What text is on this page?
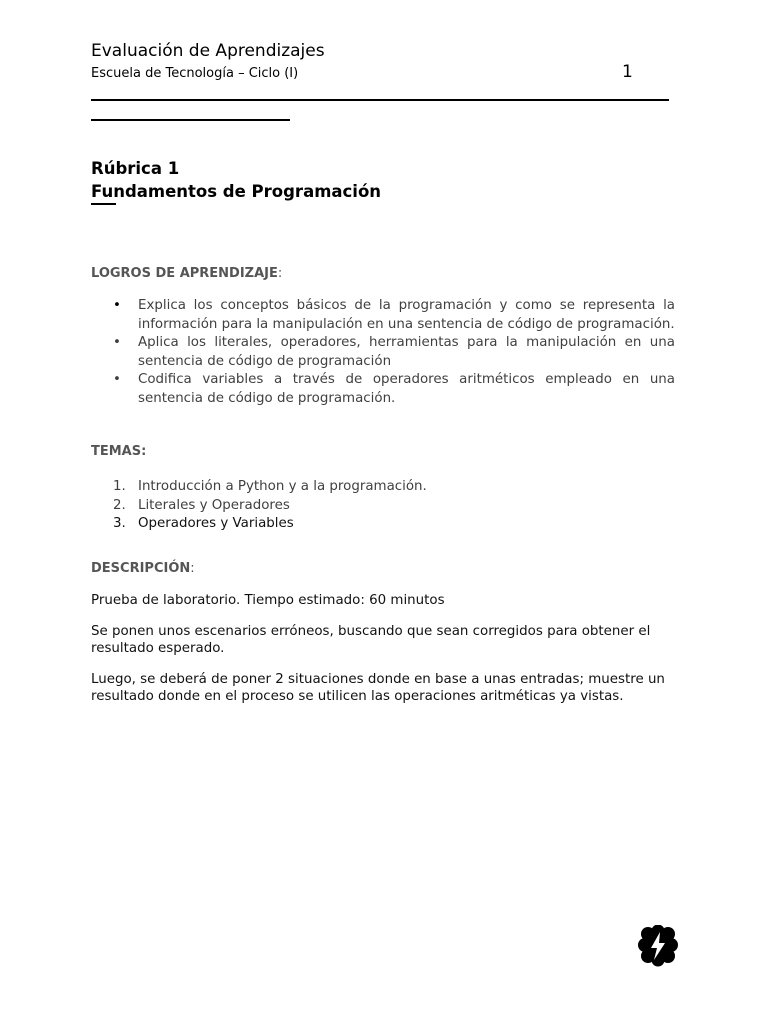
Evaluación de Aprendizajes
Escuela de Tecnología – Ciclo (I)	1
Rúbrica 1
Fundamentos de Programación
LOGROS DE APRENDIZAJE:
• Explica los conceptos básicos de la programación y como se representa la información para la manipulación en una sentencia de código de programación.
• Aplica los literales, operadores, herramientas para la manipulación en una sentencia de código de programación
• Codifica variables a través de operadores aritméticos empleado en una sentencia de código de programación.
TEMAS:
1. Introducción a Python y a la programación.
2. Literales y Operadores
3. Operadores y Variables
DESCRIPCIÓN:

Prueba de laboratorio. Tiempo estimado: 60 minutos

Se ponen unos escenarios erróneos, buscando que sean corregidos para obtener el resultado esperado.

Luego, se deberá de poner 2 situaciones donde en base a unas entradas; muestre un resultado donde en el proceso se utilicen las operaciones aritméticas ya vistas.
